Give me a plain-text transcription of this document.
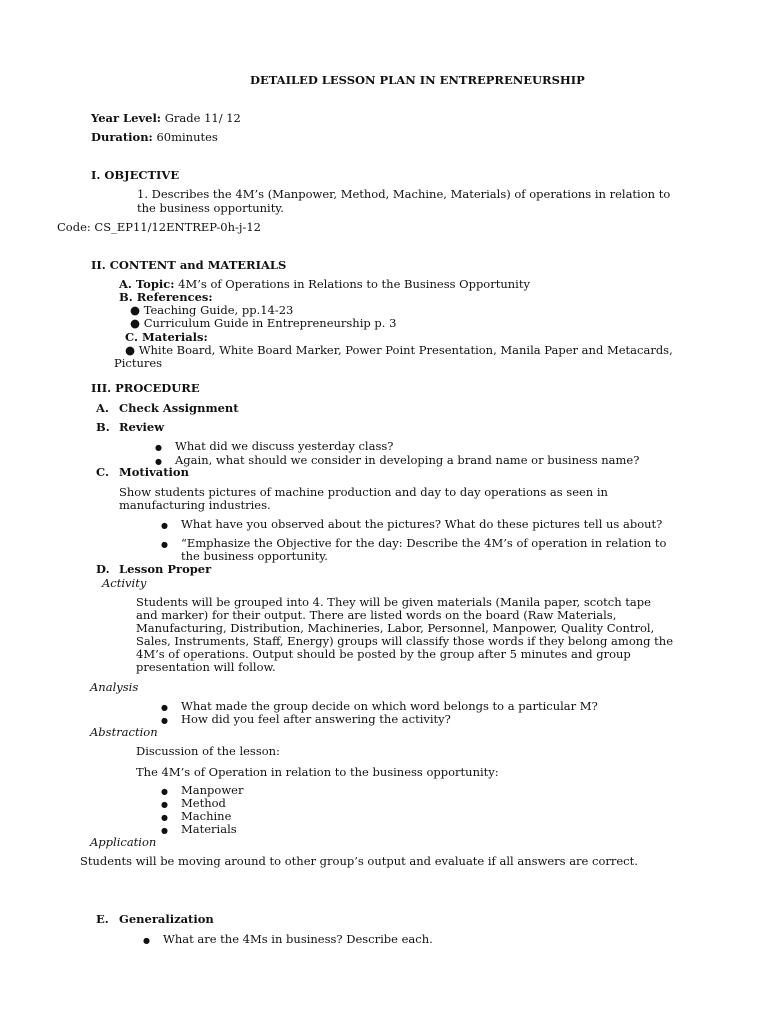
DETAILED LESSON PLAN IN ENTREPRENEURSHIP
Year Level: Grade 11/ 12
Duration: 60minutes
I. OBJECTIVE
1. Describes the 4M’s (Manpower, Method, Machine, Materials) of operations in relation to
the business opportunity.
Code: CS_EP11/12ENTREP-0h-j-12
II. CONTENT and MATERIALS
A. Topic: 4M’s of Operations in Relations to the Business Opportunity
B. References:
● Teaching Guide, pp.14-23
● Curriculum Guide in Entrepreneurship p. 3
C. Materials:
● White Board, White Board Marker, Power Point Presentation, Manila Paper and Metacards,
Pictures
III. PROCEDURE
A. Check Assignment
B. Review
● What did we discuss yesterday class?
● Again, what should we consider in developing a brand name or business name?
C. Motivation
Show students pictures of machine production and day to day operations as seen in
manufacturing industries.
● What have you observed about the pictures? What do these pictures tell us about?
● “Emphasize the Objective for the day: Describe the 4M’s of operation in relation to
the business opportunity.
D. Lesson Proper
Activity
Students will be grouped into 4. They will be given materials (Manila paper, scotch tape
and marker) for their output. There are listed words on the board (Raw Materials,
Manufacturing, Distribution, Machineries, Labor, Personnel, Manpower, Quality Control,
Sales, Instruments, Staff, Energy) groups will classify those words if they belong among the
4M’s of operations. Output should be posted by the group after 5 minutes and group
presentation will follow.
Analysis
● What made the group decide on which word belongs to a particular M?
● How did you feel after answering the activity?
Abstraction
Discussion of the lesson:
The 4M’s of Operation in relation to the business opportunity:
● Manpower
● Method
● Machine
● Materials
Application
Students will be moving around to other group’s output and evaluate if all answers are correct.
E. Generalization
● What are the 4Ms in business? Describe each.
